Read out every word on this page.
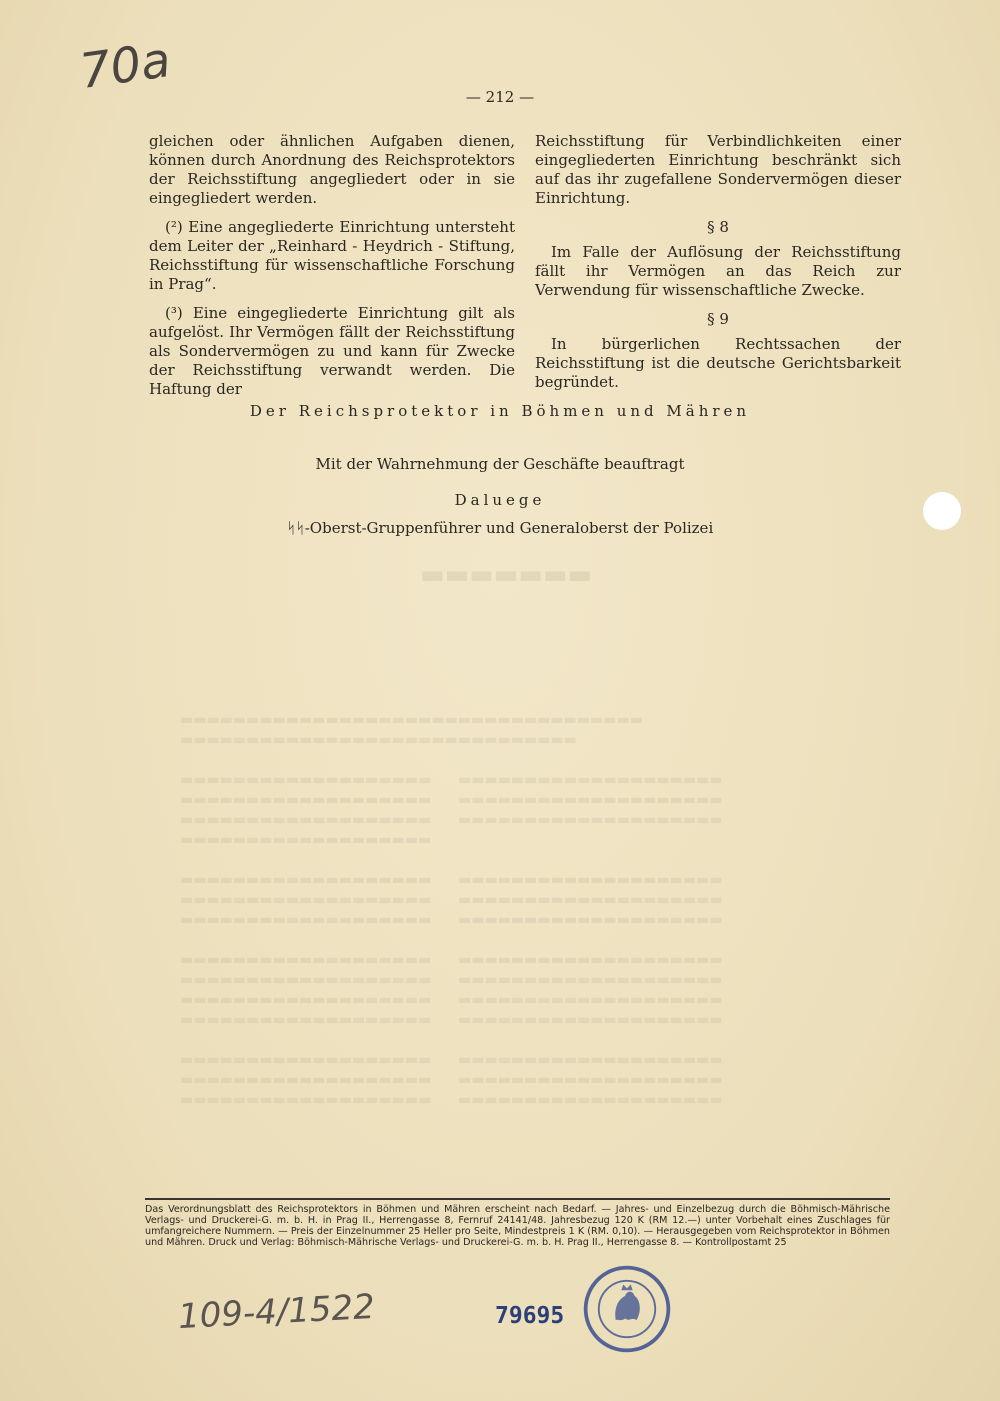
70a	— 212 —

gleichen oder ähnlichen Aufgaben dienen, können durch Anordnung des Reichsprotektors der Reichsstiftung angegliedert oder in sie eingegliedert werden.

(²) Eine angegliederte Einrichtung untersteht dem Leiter der „Reinhard - Heydrich - Stiftung, Reichsstiftung für wissenschaftliche Forschung in Prag“.

(³) Eine eingegliederte Einrichtung gilt als aufgelöst. Ihr Vermögen fällt der Reichsstiftung als Sondervermögen zu und kann für Zwecke der Reichsstiftung verwandt werden. Die Haftung der

Reichsstiftung für Verbindlichkeiten einer eingegliederten Einrichtung beschränkt sich auf das ihr zugefallene Sondervermögen dieser Einrichtung.

§ 8

Im Falle der Auflösung der Reichsstiftung fällt ihr Vermögen an das Reich zur Verwendung für wissenschaftliche Zwecke.

§ 9

In bürgerlichen Rechtssachen der Reichsstiftung ist die deutsche Gerichtsbarkeit begründet.

Der Reichsprotektor in Böhmen und Mähren
Mit der Wahrnehmung der Geschäfte beauftragt
Daluege
ᛋᛋ-Oberst-Gruppenführer und Generaloberst der Polizei
▬▬▬▬▬▬▬
▬▬▬▬▬▬▬▬▬▬▬▬▬▬▬▬▬▬▬▬▬▬▬▬▬▬▬▬▬▬▬▬▬▬▬
▬▬▬▬▬▬▬▬▬▬▬▬▬▬▬▬▬▬▬▬▬▬▬▬▬▬▬▬▬▬

▬▬▬▬▬▬▬▬▬▬▬▬▬▬▬▬▬▬▬      ▬▬▬▬▬▬▬▬▬▬▬▬▬▬▬▬▬▬▬▬
▬▬▬▬▬▬▬▬▬▬▬▬▬▬▬▬▬▬▬      ▬▬▬▬▬▬▬▬▬▬▬▬▬▬▬▬▬▬▬▬
▬▬▬▬▬▬▬▬▬▬▬▬▬▬▬▬▬▬▬      ▬▬▬▬▬▬▬▬▬▬▬▬▬▬▬▬▬▬▬▬
▬▬▬▬▬▬▬▬▬▬▬▬▬▬▬▬▬▬▬

▬▬▬▬▬▬▬▬▬▬▬▬▬▬▬▬▬▬▬      ▬▬▬▬▬▬▬▬▬▬▬▬▬▬▬▬▬▬▬▬
▬▬▬▬▬▬▬▬▬▬▬▬▬▬▬▬▬▬▬      ▬▬▬▬▬▬▬▬▬▬▬▬▬▬▬▬▬▬▬▬
▬▬▬▬▬▬▬▬▬▬▬▬▬▬▬▬▬▬▬      ▬▬▬▬▬▬▬▬▬▬▬▬▬▬▬▬▬▬▬▬

▬▬▬▬▬▬▬▬▬▬▬▬▬▬▬▬▬▬▬      ▬▬▬▬▬▬▬▬▬▬▬▬▬▬▬▬▬▬▬▬
▬▬▬▬▬▬▬▬▬▬▬▬▬▬▬▬▬▬▬      ▬▬▬▬▬▬▬▬▬▬▬▬▬▬▬▬▬▬▬▬
▬▬▬▬▬▬▬▬▬▬▬▬▬▬▬▬▬▬▬      ▬▬▬▬▬▬▬▬▬▬▬▬▬▬▬▬▬▬▬▬
▬▬▬▬▬▬▬▬▬▬▬▬▬▬▬▬▬▬▬      ▬▬▬▬▬▬▬▬▬▬▬▬▬▬▬▬▬▬▬▬

▬▬▬▬▬▬▬▬▬▬▬▬▬▬▬▬▬▬▬      ▬▬▬▬▬▬▬▬▬▬▬▬▬▬▬▬▬▬▬▬
▬▬▬▬▬▬▬▬▬▬▬▬▬▬▬▬▬▬▬      ▬▬▬▬▬▬▬▬▬▬▬▬▬▬▬▬▬▬▬▬
▬▬▬▬▬▬▬▬▬▬▬▬▬▬▬▬▬▬▬      ▬▬▬▬▬▬▬▬▬▬▬▬▬▬▬▬▬▬▬▬
Das Verordnungsblatt des Reichsprotektors in Böhmen und Mähren erscheint nach Bedarf. — Jahres- und Einzelbezug durch die Böhmisch-Mährische Verlags- und Druckerei-G. m. b. H. in Prag II., Herrengasse 8, Fernruf 24141/48. Jahresbezug 120 K (RM 12.—) unter Vorbehalt eines Zuschlages für umfangreichere Nummern. — Preis der Einzelnummer 25 Heller pro Seite, Mindestpreis 1 K (RM. 0,10). — Herausgegeben vom Reichsprotektor in Böhmen und Mähren. Druck und Verlag: Böhmisch-Mährische Verlags- und Druckerei-G. m. b. H. Prag II., Herrengasse 8. — Kontrollpostamt 25
109-4/1522	79695
